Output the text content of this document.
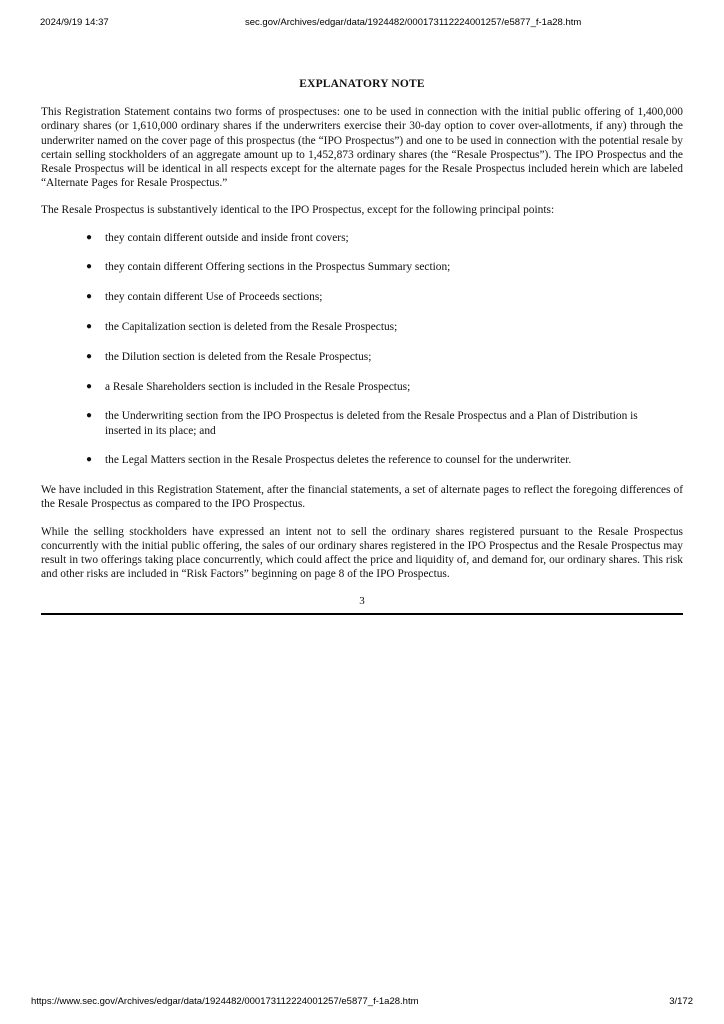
2024/9/19 14:37	sec.gov/Archives/edgar/data/1924482/000173112224001257/e5877_f-1a28.htm
EXPLANATORY NOTE

This Registration Statement contains two forms of prospectuses: one to be used in connection with the initial public offering of 1,400,000 ordinary shares (or 1,610,000 ordinary shares if the underwriters exercise their 30-day option to cover over-allotments, if any) through the underwriter named on the cover page of this prospectus (the “IPO Prospectus”) and one to be used in connection with the potential resale by certain selling stockholders of an aggregate amount up to 1,452,873 ordinary shares (the “Resale Prospectus”). The IPO Prospectus and the Resale Prospectus will be identical in all respects except for the alternate pages for the Resale Prospectus included herein which are labeled “Alternate Pages for Resale Prospectus.”

The Resale Prospectus is substantively identical to the IPO Prospectus, except for the following principal points:

● they contain different outside and inside front covers;
● they contain different Offering sections in the Prospectus Summary section;
● they contain different Use of Proceeds sections;
● the Capitalization section is deleted from the Resale Prospectus;
● the Dilution section is deleted from the Resale Prospectus;
● a Resale Shareholders section is included in the Resale Prospectus;
● the Underwriting section from the IPO Prospectus is deleted from the Resale Prospectus and a Plan of Distribution is inserted in its place; and
● the Legal Matters section in the Resale Prospectus deletes the reference to counsel for the underwriter.

We have included in this Registration Statement, after the financial statements, a set of alternate pages to reflect the foregoing differences of the Resale Prospectus as compared to the IPO Prospectus.

While the selling stockholders have expressed an intent not to sell the ordinary shares registered pursuant to the Resale Prospectus concurrently with the initial public offering, the sales of our ordinary shares registered in the IPO Prospectus and the Resale Prospectus may result in two offerings taking place concurrently, which could affect the price and liquidity of, and demand for, our ordinary shares. This risk and other risks are included in “Risk Factors” beginning on page 8 of the IPO Prospectus.

3
https://www.sec.gov/Archives/edgar/data/1924482/000173112224001257/e5877_f-1a28.htm	3/172
